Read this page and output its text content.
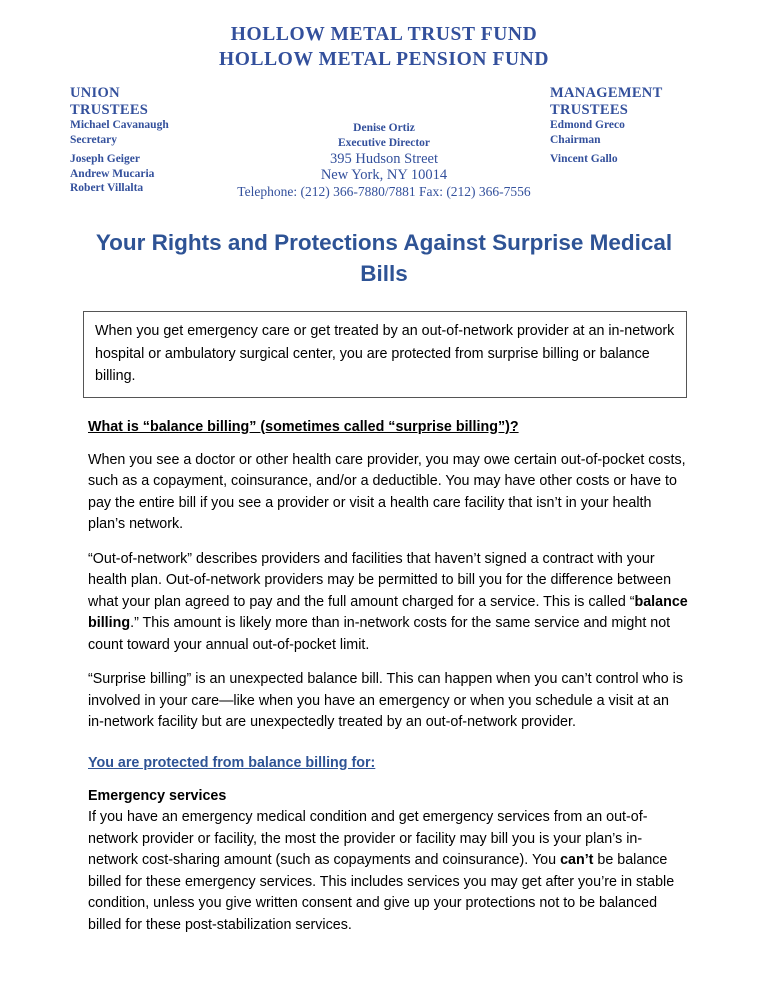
HOLLOW METAL TRUST FUND
HOLLOW METAL PENSION FUND
UNION
TRUSTEES
Michael Cavanaugh
Secretary
Joseph Geiger
Andrew Mucaria
Robert Villalta
Denise Ortiz
Executive Director
395 Hudson Street
New York, NY 10014
Telephone: (212) 366-7880/7881 Fax: (212) 366-7556
MANAGEMENT
TRUSTEES
Edmond Greco
Chairman
Vincent Gallo
Your Rights and Protections Against Surprise Medical Bills
When you get emergency care or get treated by an out-of-network provider at an in-network hospital or ambulatory surgical center, you are protected from surprise billing or balance billing.
What is “balance billing” (sometimes called “surprise billing”)?

When you see a doctor or other health care provider, you may owe certain out-of-pocket costs, such as a copayment, coinsurance, and/or a deductible. You may have other costs or have to pay the entire bill if you see a provider or visit a health care facility that isn’t in your health plan’s network.

“Out-of-network” describes providers and facilities that haven’t signed a contract with your health plan. Out-of-network providers may be permitted to bill you for the difference between what your plan agreed to pay and the full amount charged for a service. This is called “balance billing.” This amount is likely more than in-network costs for the same service and might not count toward your annual out-of-pocket limit.

“Surprise billing” is an unexpected balance bill. This can happen when you can’t control who is involved in your care—like when you have an emergency or when you schedule a visit at an in-network facility but are unexpectedly treated by an out-of-network provider.

You are protected from balance billing for:
Emergency services

If you have an emergency medical condition and get emergency services from an out-of-network provider or facility, the most the provider or facility may bill you is your plan’s in-network cost-sharing amount (such as copayments and coinsurance). You can’t be balance billed for these emergency services. This includes services you may get after you’re in stable condition, unless you give written consent and give up your protections not to be balanced billed for these post-stabilization services.
